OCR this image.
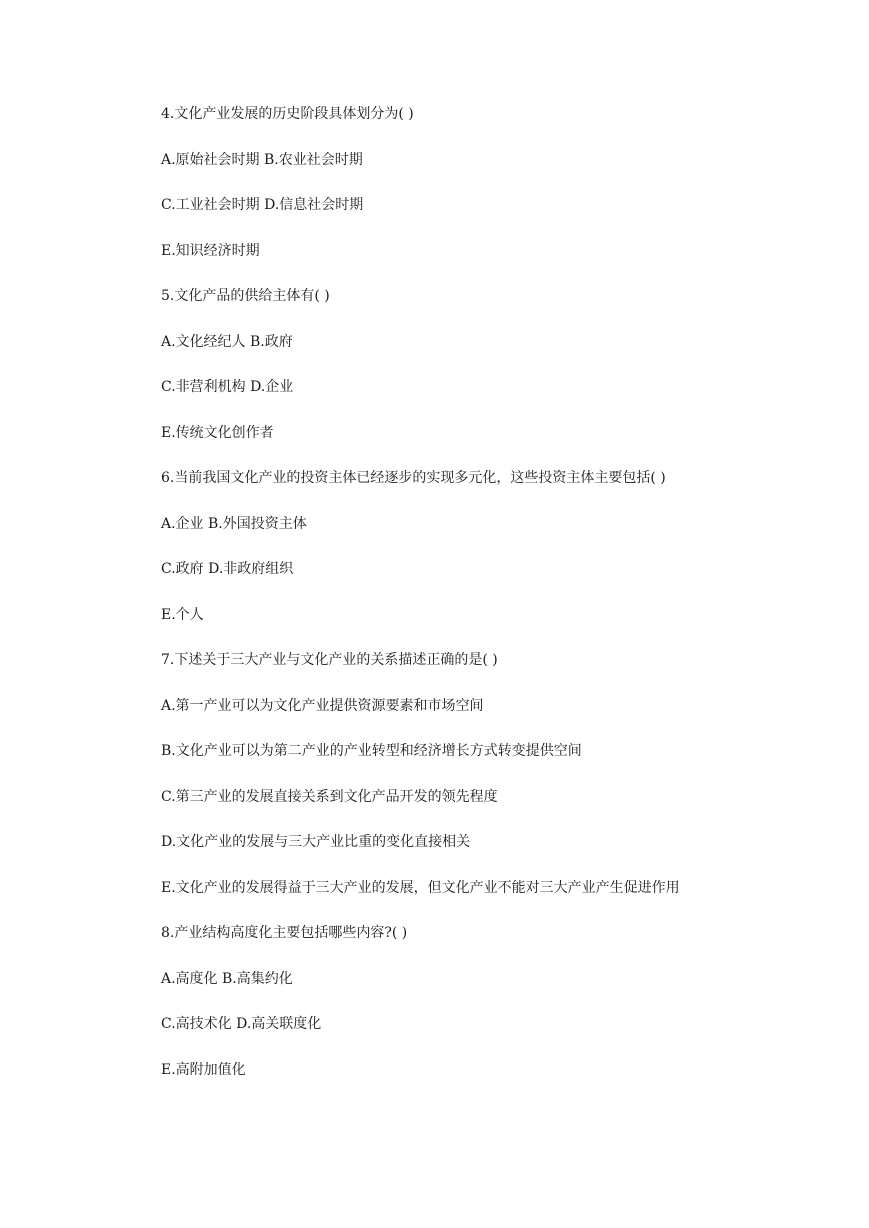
4.文化产业发展的历史阶段具体划分为( )
A.原始社会时期 B.农业社会时期
C.工业社会时期 D.信息社会时期
E.知识经济时期
5.文化产品的供给主体有( )
A.文化经纪人 B.政府
C.非营利机构 D.企业
E.传统文化创作者
6.当前我国文化产业的投资主体已经逐步的实现多元化，这些投资主体主要包括( )
A.企业 B.外国投资主体
C.政府 D.非政府组织
E.个人
7.下述关于三大产业与文化产业的关系描述正确的是( )
A.第一产业可以为文化产业提供资源要素和市场空间
B.文化产业可以为第二产业的产业转型和经济增长方式转变提供空间
C.第三产业的发展直接关系到文化产品开发的领先程度
D.文化产业的发展与三大产业比重的变化直接相关
E.文化产业的发展得益于三大产业的发展，但文化产业不能对三大产业产生促进作用
8.产业结构高度化主要包括哪些内容?( )
A.高度化 B.高集约化
C.高技术化 D.高关联度化
E.高附加值化
